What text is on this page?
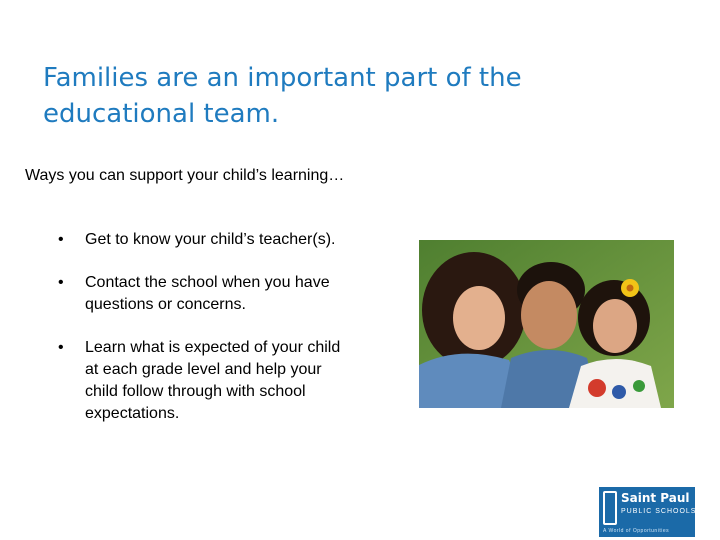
Families are an important part of the
educational team.

Ways you can support your child’s learning…

• Get to know your child’s teacher(s).
• Contact the school when you have questions or concerns.
• Learn what is expected of your child at each grade level and help your child follow through with school expectations.
Saint Paul
PUBLIC SCHOOLS
A World of Opportunities
